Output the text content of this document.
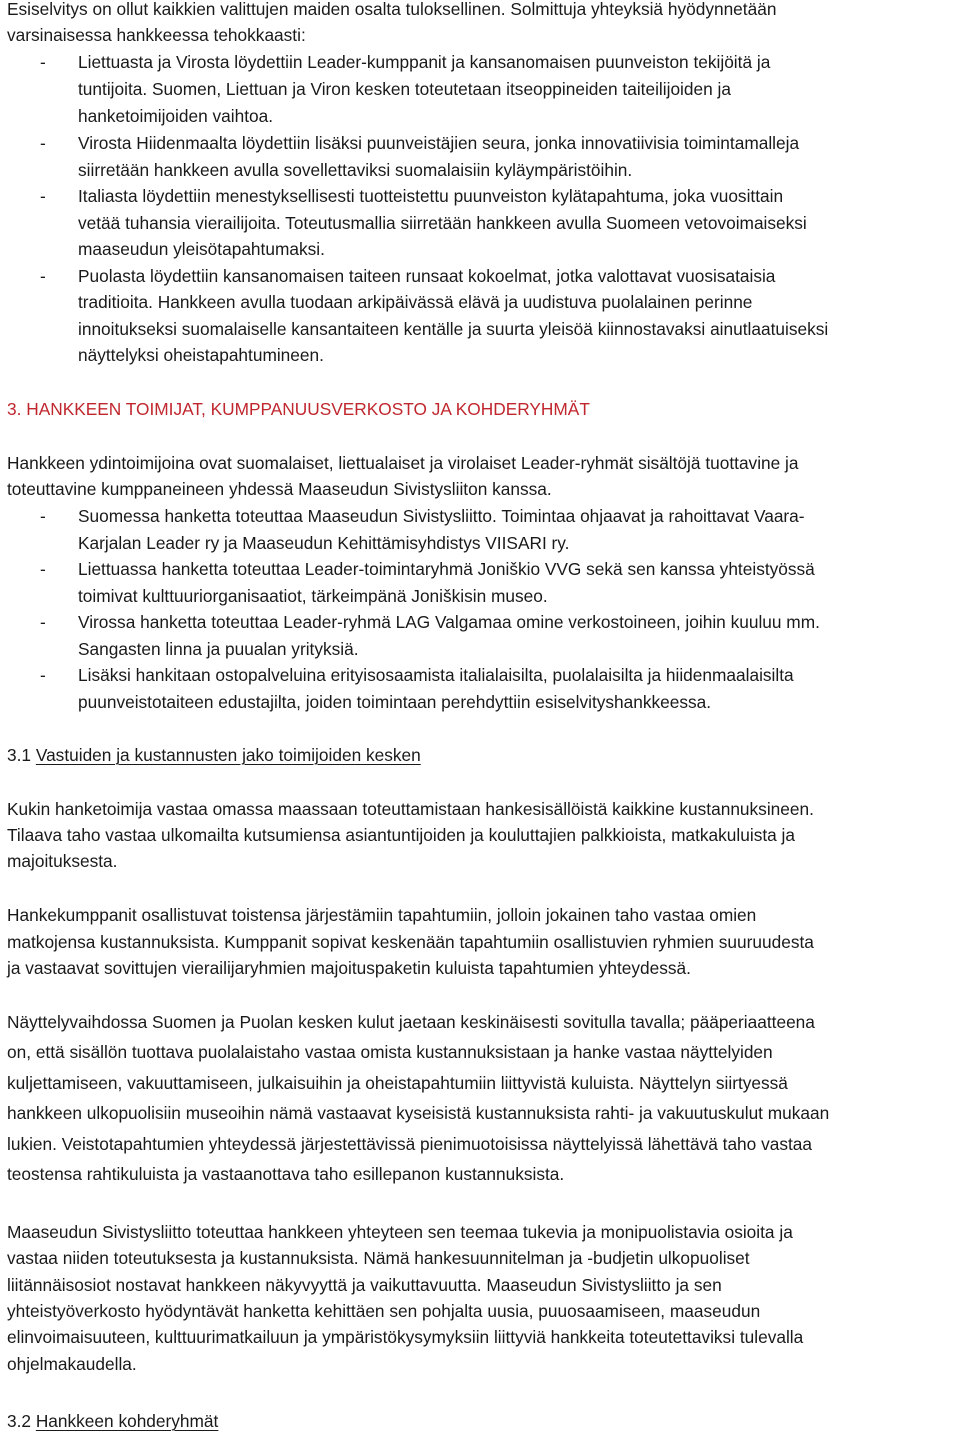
Esiselvitys on ollut kaikkien valittujen maiden osalta tuloksellinen. Solmittuja yhteyksiä hyödynnetään
varsinaisessa hankkeessa tehokkaasti:
- Liettuasta ja Virosta löydettiin Leader-kumppanit ja kansanomaisen puunveiston tekijöitä ja
tuntijoita. Suomen, Liettuan ja Viron kesken toteutetaan itseoppineiden taiteilijoiden ja
hanketoimijoiden vaihtoa.
- Virosta Hiidenmaalta löydettiin lisäksi puunveistäjien seura, jonka innovatiivisia toimintamalleja
siirretään hankkeen avulla sovellettaviksi suomalaisiin kyläympäristöihin.
- Italiasta löydettiin menestyksellisesti tuotteistettu puunveiston kylätapahtuma, joka vuosittain
vetää tuhansia vierailijoita. Toteutusmallia siirretään hankkeen avulla Suomeen vetovoimaiseksi
maaseudun yleisötapahtumaksi.
- Puolasta löydettiin kansanomaisen taiteen runsaat kokoelmat, jotka valottavat vuosisataisia
traditioita. Hankkeen avulla tuodaan arkipäivässä elävä ja uudistuva puolalainen perinne
innoitukseksi suomalaiselle kansantaiteen kentälle ja suurta yleisöä kiinnostavaksi ainutlaatuiseksi
näyttelyksi oheistapahtumineen.
3. HANKKEEN TOIMIJAT, KUMPPANUUSVERKOSTO JA KOHDERYHMÄT
Hankkeen ydintoimijoina ovat suomalaiset, liettualaiset ja virolaiset Leader-ryhmät sisältöjä tuottavine ja
toteuttavine kumppaneineen yhdessä Maaseudun Sivistysliiton kanssa.
- Suomessa hanketta toteuttaa Maaseudun Sivistysliitto. Toimintaa ohjaavat ja rahoittavat Vaara-
Karjalan Leader ry ja Maaseudun Kehittämisyhdistys VIISARI ry.
- Liettuassa hanketta toteuttaa Leader-toimintaryhmä Joniškio VVG sekä sen kanssa yhteistyössä
toimivat kulttuuriorganisaatiot, tärkeimpänä Joniškisin museo.
- Virossa hanketta toteuttaa Leader-ryhmä LAG Valgamaa omine verkostoineen, joihin kuuluu mm.
Sangasten linna ja puualan yrityksiä.
- Lisäksi hankitaan ostopalveluina erityisosaamista italialaisilta, puolalaisilta ja hiidenmaalaisilta
puunveistotaiteen edustajilta, joiden toimintaan perehdyttiin esiselvityshankkeessa.
3.1 Vastuiden ja kustannusten jako toimijoiden kesken
Kukin hanketoimija vastaa omassa maassaan toteuttamistaan hankesisällöistä kaikkine kustannuksineen.
Tilaava taho vastaa ulkomailta kutsumiensa asiantuntijoiden ja kouluttajien palkkioista, matkakuluista ja
majoituksesta.
Hankekumppanit osallistuvat toistensa järjestämiin tapahtumiin, jolloin jokainen taho vastaa omien
matkojensa kustannuksista. Kumppanit sopivat keskenään tapahtumiin osallistuvien ryhmien suuruudesta
ja vastaavat sovittujen vierailijaryhmien majoituspaketin kuluista tapahtumien yhteydessä.
Näyttelyvaihdossa Suomen ja Puolan kesken kulut jaetaan keskinäisesti sovitulla tavalla; pääperiaatteena
on, että sisällön tuottava puolalaistaho vastaa omista kustannuksistaan ja hanke vastaa näyttelyiden
kuljettamiseen, vakuuttamiseen, julkaisuihin ja oheistapahtumiin liittyvistä kuluista. Näyttelyn siirtyessä
hankkeen ulkopuolisiin museoihin nämä vastaavat kyseisistä kustannuksista rahti- ja vakuutuskulut mukaan
lukien. Veistotapahtumien yhteydessä järjestettävissä pienimuotoisissa näyttelyissä lähettävä taho vastaa
teostensa rahtikuluista ja vastaanottava taho esillepanon kustannuksista.
Maaseudun Sivistysliitto toteuttaa hankkeen yhteyteen sen teemaa tukevia ja monipuolistavia osioita ja
vastaa niiden toteutuksesta ja kustannuksista. Nämä hankesuunnitelman ja -budjetin ulkopuoliset
liitännäisosiot nostavat hankkeen näkyvyyttä ja vaikuttavuutta. Maaseudun Sivistysliitto ja sen
yhteistyöverkosto hyödyntävät hanketta kehittäen sen pohjalta uusia, puuosaamiseen, maaseudun
elinvoimaisuuteen, kulttuurimatkailuun ja ympäristökysymyksiin liittyviä hankkeita toteutettaviksi tulevalla
ohjelmakaudella.
3.2 Hankkeen kohderyhmät
